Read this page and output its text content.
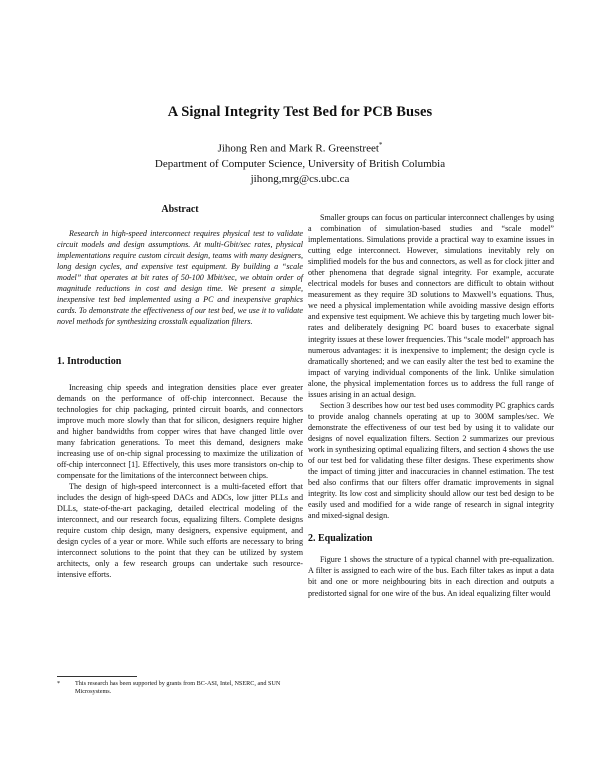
A Signal Integrity Test Bed for PCB Buses
Jihong Ren and Mark R. Greenstreet*
Department of Computer Science, University of British Columbia
jihong,mrg@cs.ubc.ca
Abstract

Research in high-speed interconnect requires physical test to validate circuit models and design assumptions. At multi-Gbit/sec rates, physical implementations require custom circuit design, teams with many designers, long design cycles, and expensive test equipment. By building a “scale model” that operates at bit rates of 50-100 Mbit/sec, we obtain order of magnitude reductions in cost and design time. We present a simple, inexpensive test bed implemented using a PC and inexpensive graphics cards. To demonstrate the effectiveness of our test bed, we use it to validate novel methods for synthesizing crosstalk equalization filters.

1. Introduction

Increasing chip speeds and integration densities place ever greater demands on the performance of off-chip interconnect. Because the technologies for chip packaging, printed circuit boards, and connectors improve much more slowly than that for silicon, designers require higher and higher bandwidths from copper wires that have changed little over many fabrication generations. To meet this demand, designers make increasing use of on-chip signal processing to maximize the utilization of off-chip interconnect [1]. Effectively, this uses more transistors on-chip to compensate for the limitations of the interconnect between chips.

The design of high-speed interconnect is a multi-faceted effort that includes the design of high-speed DACs and ADCs, low jitter PLLs and DLLs, state-of-the-art packaging, detailed electrical modeling of the interconnect, and our research focus, equalizing filters. Complete designs require custom chip design, many designers, expensive equipment, and design cycles of a year or more. While such efforts are necessary to bring interconnect solutions to the point that they can be utilized by system architects, only a few research groups can undertake such resource-intensive efforts.

Smaller groups can focus on particular interconnect challenges by using a combination of simulation-based studies and “scale model” implementations. Simulations provide a practical way to examine issues in cutting edge interconnect. However, simulations inevitably rely on simplified models for the bus and connectors, as well as for clock jitter and other phenomena that degrade signal integrity. For example, accurate electrical models for buses and connectors are difficult to obtain without measurement as they require 3D solutions to Maxwell’s equations. Thus, we need a physical implementation while avoiding massive design efforts and expensive test equipment. We achieve this by targeting much lower bit-rates and deliberately designing PC board buses to exacerbate signal integrity issues at these lower frequencies. This “scale model” approach has numerous advantages: it is inexpensive to implement; the design cycle is dramatically shortened; and we can easily alter the test bed to examine the impact of varying individual components of the link. Unlike simulation alone, the physical implementation forces us to address the full range of issues arising in an actual design.

Section 3 describes how our test bed uses commodity PC graphics cards to provide analog channels operating at up to 300M samples/sec. We demonstrate the effectiveness of our test bed by using it to validate our designs of novel equalization filters. Section 2 summarizes our previous work in synthesizing optimal equalizing filters, and section 4 shows the use of our test bed for validating these filter designs. These experiments show the impact of timing jitter and inaccuracies in channel estimation. The test bed also confirms that our filters offer dramatic improvements in signal integrity. Its low cost and simplicity should allow our test bed design to be easily used and modified for a wide range of research in signal integrity and mixed-signal design.

2. Equalization

Figure 1 shows the structure of a typical channel with pre-equalization. A filter is assigned to each wire of the bus. Each filter takes as input a data bit and one or more neighbouring bits in each direction and outputs a predistorted signal for one wire of the bus. An ideal equalizing filter would

*	This research has been supported by grants from BC-ASI, Intel, NSERC, and SUN Microsystems.
